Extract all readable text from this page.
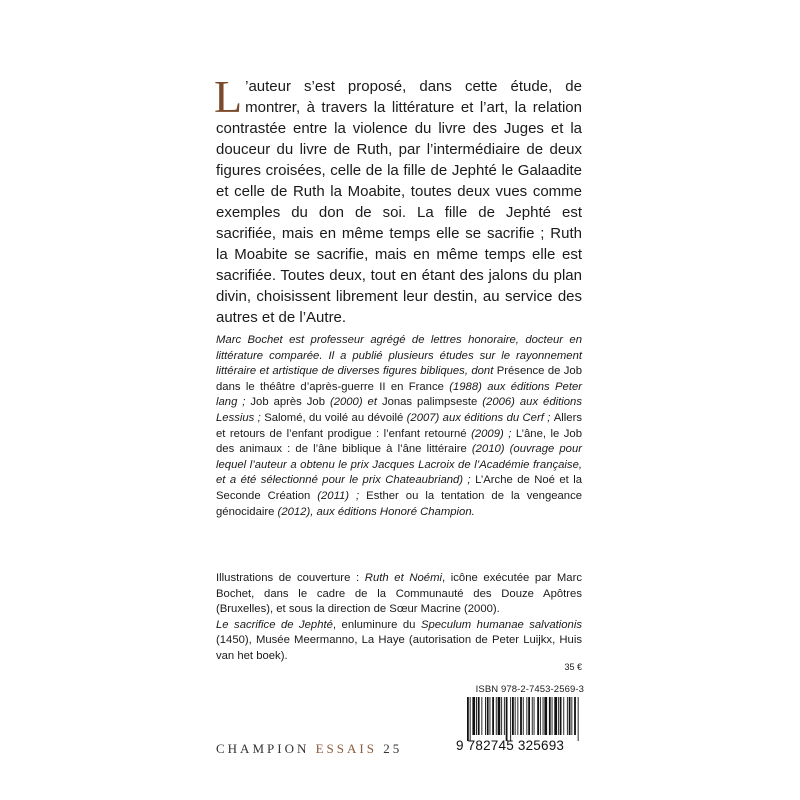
L ’auteur s’est proposé, dans cette étude, de montrer, à travers la littérature et l’art, la relation contrastée entre la violence du livre des Juges et la douceur du livre de Ruth, par l’intermédiaire de deux figures croisées, celle de la fille de Jephté le Galaadite et celle de Ruth la Moabite, toutes deux vues comme exemples du don de soi. La fille de Jephté est sacrifiée, mais en même temps elle se sacrifie ; Ruth la Moabite se sacrifie, mais en même temps elle est sacrifiée. Toutes deux, tout en étant des jalons du plan divin, choisissent librement leur destin, au service des autres et de l’Autre.
Marc Bochet est professeur agrégé de lettres honoraire, docteur en littérature comparée. Il a publié plusieurs études sur le rayonnement littéraire et artistique de diverses figures bibliques, dont Présence de Job dans le théâtre d’après-guerre II en France (1988) aux éditions Peter lang ; Job après Job (2000) et Jonas palimpseste (2006) aux éditions Lessius ; Salomé, du voilé au dévoilé (2007) aux éditions du Cerf ; Allers et retours de l’enfant prodigue : l’enfant retourné (2009) ; L’âne, le Job des animaux : de l’âne biblique à l’âne littéraire (2010) (ouvrage pour lequel l’auteur a obtenu le prix Jacques Lacroix de l’Académie française, et a été sélectionné pour le prix Chateaubriand) ; L’Arche de Noé et la Seconde Création (2011) ; Esther ou la tentation de la vengeance génocidaire (2012), aux éditions Honoré Champion.

Illustrations de couverture : Ruth et Noémi, icône exécutée par Marc Bochet, dans le cadre de la Communauté des Douze Apôtres (Bruxelles), et sous la direction de Sœur Macrine (2000).

Le sacrifice de Jephté, enluminure du Speculum humanae salvationis (1450), Musée Meermanno, La Haye (autorisation de Peter Luijkx, Huis van het boek).

35 €
ISBN 978-2-7453-2569-3
9 782745 325693
CHAMPION ESSAIS 25
